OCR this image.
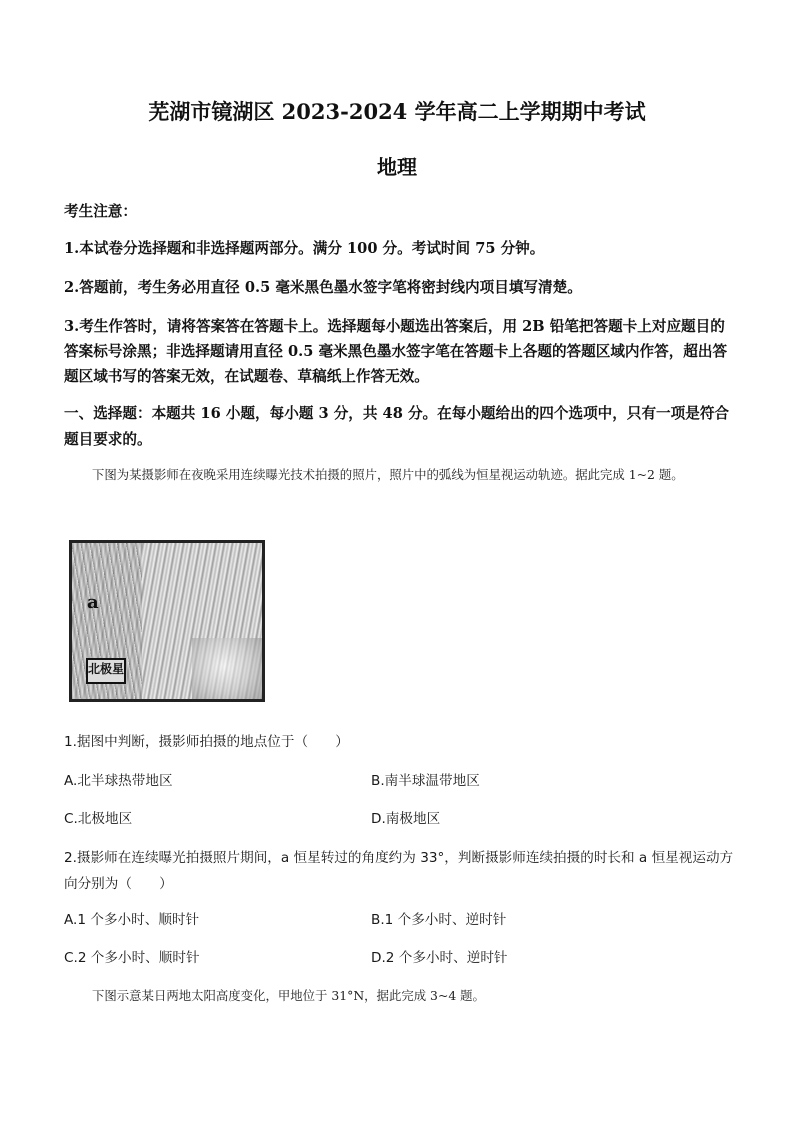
芜湖市镜湖区 2023-2024 学年高二上学期期中考试
地理
考生注意：
1.本试卷分选择题和非选择题两部分。满分 100 分。考试时间 75 分钟。
2.答题前，考生务必用直径 0.5 毫米黑色墨水签字笔将密封线内项目填写清楚。
3.考生作答时，请将答案答在答题卡上。选择题每小题选出答案后，用 2B 铅笔把答题卡上对应题目的答案标号涂黑；非选择题请用直径 0.5 毫米黑色墨水签字笔在答题卡上各题的答题区域内作答，超出答题区域书写的答案无效，在试题卷、草稿纸上作答无效。
一、选择题：本题共 16 小题，每小题 3 分，共 48 分。在每小题给出的四个选项中，只有一项是符合题目要求的。
下图为某摄影师在夜晚采用连续曝光技术拍摄的照片，照片中的弧线为恒星视运动轨迹。据此完成 1~2 题。
a
北极星
1.据图中判断，摄影师拍摄的地点位于（　　）
A.北半球热带地区	B.南半球温带地区
C.北极地区	D.南极地区
2.摄影师在连续曝光拍摄照片期间，a 恒星转过的角度约为 33°，判断摄影师连续拍摄的时长和 a 恒星视运动方向分别为（　　）
A.1 个多小时、顺时针	B.1 个多小时、逆时针
C.2 个多小时、顺时针	D.2 个多小时、逆时针
下图示意某日两地太阳高度变化，甲地位于 31°N，据此完成 3~4 题。
